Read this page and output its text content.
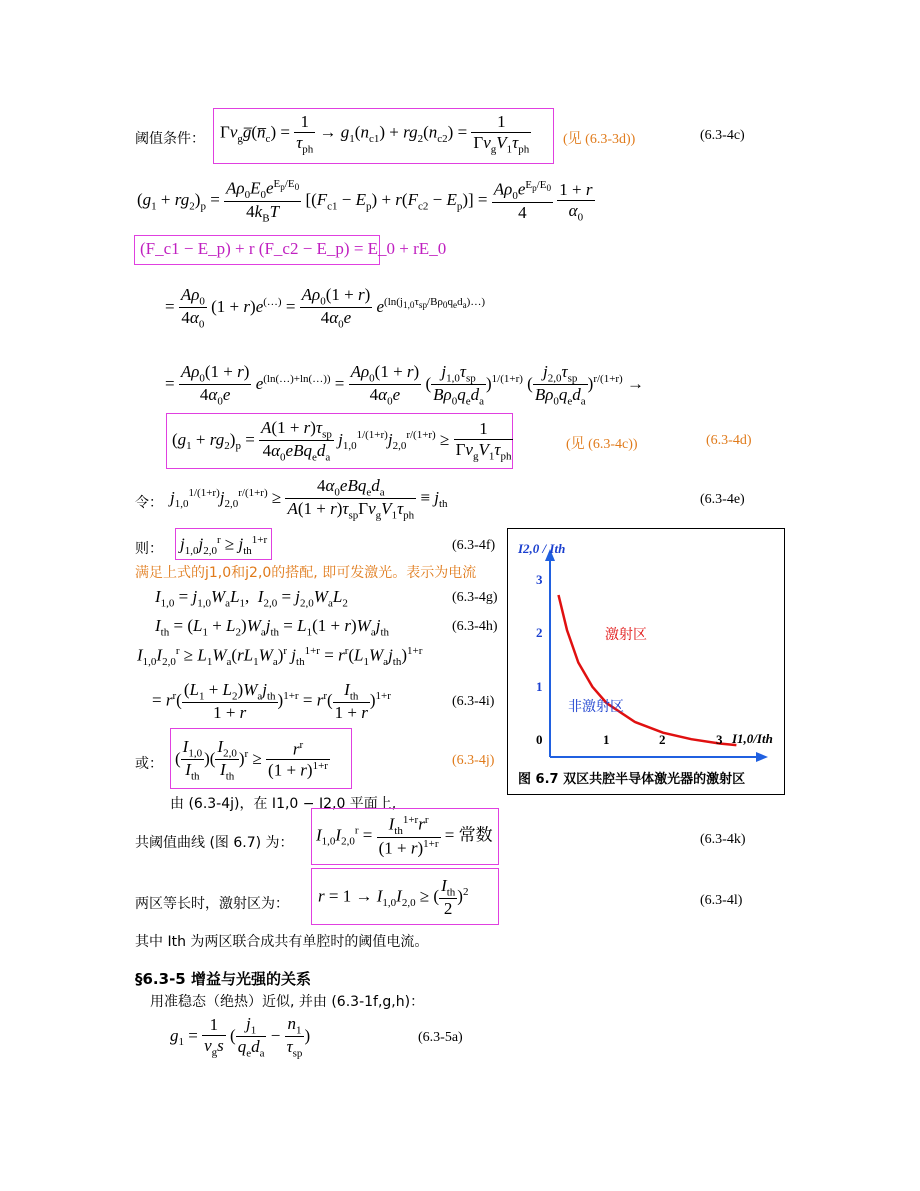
阈值条件： $\Gamma v_gg̅(n̅_c) = \frac{1}{\tau_{ph}} \to g_1(n_{c1}) + rg_2(n_{c2}) = \frac{1}{\Gamma v_gV_1\tau_{ph}}$ (见 (6.3-3d))	(6.3-4c)
$(g_1 + rg_2)_p = \frac{A\rho_0E_0e^{E_p/E_0}}{4k_BT} [(F_{c1} - E_p) + r(F_{c2} - E_p)] = \frac{A\rho_0e^{E_p/E_0}}{4}$
$\frac{1 + r}{\alpha_0}$
(F_c1 − E_p) + r (F_c2 − E_p) = E_0 + rE_0
= $\frac{A\rho_0}{4\alpha_0} (1 + r)e^{(\dots)} = \frac{A\rho_0(1 + r)}{4\alpha_0e} e^{(ln(j_{1,0}\tau_{sp}/B\rho_0q_ed_a)\dots)}$
= $\frac{A\rho_0(1 + r)}{4\alpha_0e} e^{(ln(\dots)+ln(\dots))} = \frac{A\rho_0(1 + r)}{4\alpha_0e}$ ( $\frac{j_{1,0}\tau_{sp}}{B\rho_0q_ed_a} )^{1/(1+r)}$ ( $\frac{j_{2,0}\tau_{sp}}{B\rho_0q_ed_a} )^{r/(1+r)}$ →
$(g_1 + rg_2)_p = \frac{A(1 + r)\tau_{sp}}{4\alpha_0eBq_ed_a} j_{1,0}^{1/(1+r)}j_{2,0}^{r/(1+r)} \ge \frac{1}{\Gamma v_gV_1\tau_{ph}}$	(见 (6.3-4c))	(6.3-4d)
令： $j_{1,0}^{1/(1+r)}j_{2,0}^{r/(1+r)} \ge \frac{4\alpha_0eBq_ed_a}{A(1 + r)\tau_{sp}\Gamma v_gV_1\tau_{ph}} \equiv j_{th}$	(6.3-4e)
则： $j_{1,0}j_{2,0}^r \ge j_{th}^{1+r}$	(6.3-4f)
满足上式的j1,0和j2,0的搭配, 即可发激光。表示为电流
$I_{1,0} = j_{1,0}W_aL_1$,  $I_{2,0} = j_{2,0}W_aL_2$	(6.3-4g)
$I_{th} = (L_1 + L_2)W_aj_{th} = L_1(1 + r)W_aj_{th}$	(6.3-4h)
$I_{1,0}I_{2,0}^r \ge L_1W_a(rL_1W_a)^r$ $j_{th}^{1+r} = r^r(L_1W_aj_{th})^{1+r}$
= $r^r( \frac{(L_1 + L_2)W_aj_{th}}{1 + r} )^{1+r} = r^r( \frac{I_{th}}{1 + r} )^{1+r}$	(6.3-4i)
或： ( $\frac{I_{1,0}}{I_{th}}$ )( $\frac{I_{2,0}}{I_{th}} )^r \ge \frac{r^r}{(1 + r)^{1+r}}$	(6.3-4j)
由 (6.3-4j)，在 I1,0 − I2,0 平面上,
共阈值曲线 (图 6.7) 为： $I_{1,0}I_{2,0}^r = \frac{I_{th}^{1+r}r^r}{(1 + r)^{1+r}}$ = 常数	(6.3-4k)
两区等长时，激射区为： $r = 1 \to I_{1,0}I_{2,0}$ ≥ ( $\frac{I_{th}}{2} )^2$
(6.3-4l)
其中 Ith 为两区联合成共有单腔时的阈值电流。
§6.3-5 增益与光强的关系
用准稳态（绝热）近似, 并由 (6.3-1f,g,h)：
$g_1 = \frac{1}{v_gs}$ ( $\frac{j_1}{q_ed_a} - \frac{n_1}{\tau_{sp}}$ )	(6.3-5a)
I2,0 / Ith
I1,0/Ith
3
2
1
0	1	2	3
激射区
非激射区
图 6.7 双区共腔半导体激光器的激射区
